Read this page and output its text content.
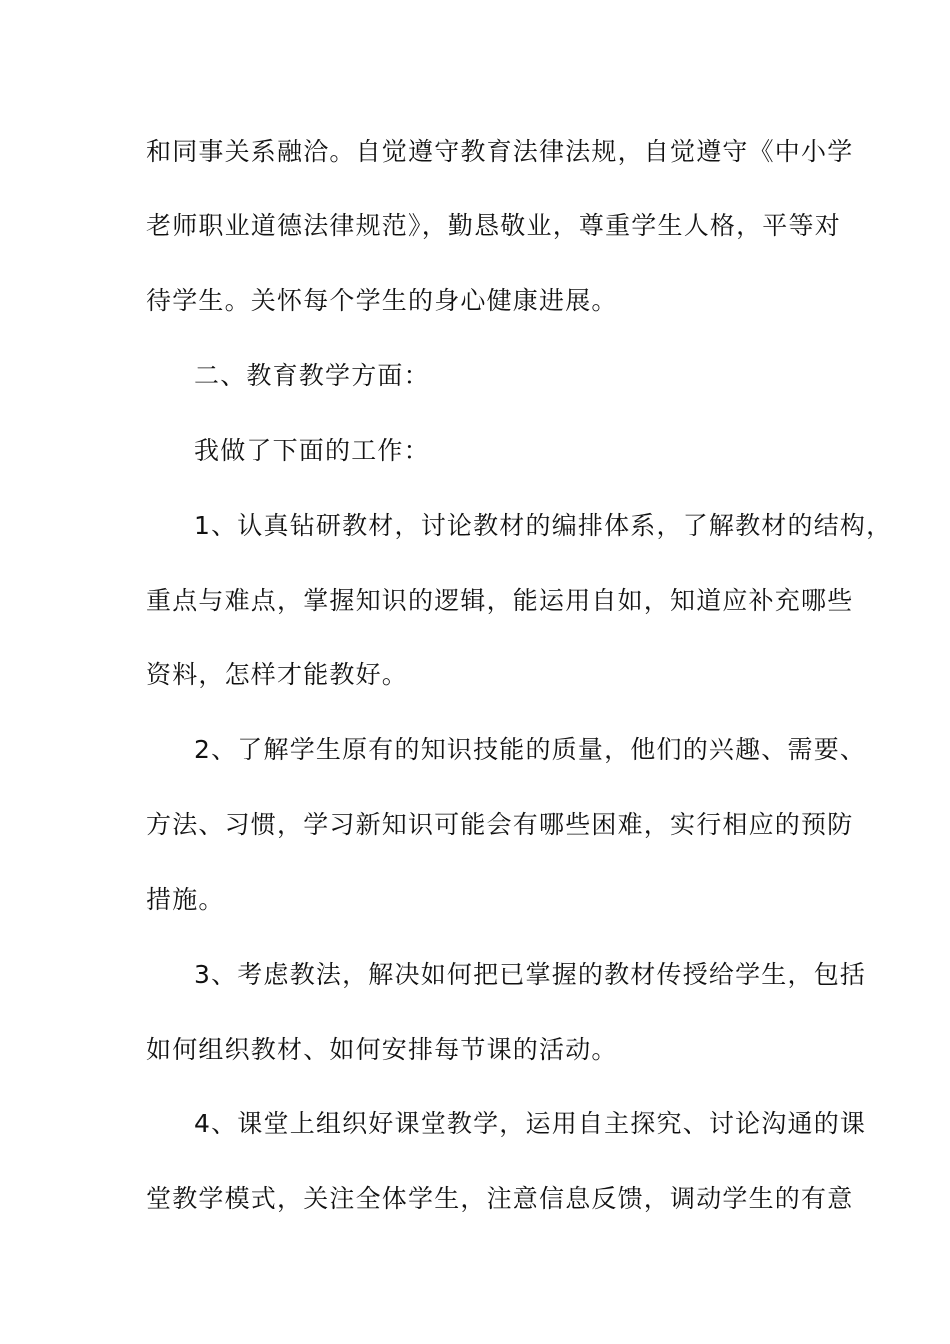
和同事关系融洽。自觉遵守教育法律法规，自觉遵守《中小学
老师职业道德法律规范》，勤恳敬业，尊重学生人格，平等对
待学生。关怀每个学生的身心健康进展。
二、教育教学方面：
我做了下面的工作：
1、认真钻研教材，讨论教材的编排体系，了解教材的结构，
重点与难点，掌握知识的逻辑，能运用自如，知道应补充哪些
资料，怎样才能教好。
2、了解学生原有的知识技能的质量，他们的兴趣、需要、
方法、习惯，学习新知识可能会有哪些困难，实行相应的预防
措施。
3、考虑教法，解决如何把已掌握的教材传授给学生，包括
如何组织教材、如何安排每节课的活动。
4、课堂上组织好课堂教学，运用自主探究、讨论沟通的课
堂教学模式，关注全体学生，注意信息反馈，调动学生的有意
